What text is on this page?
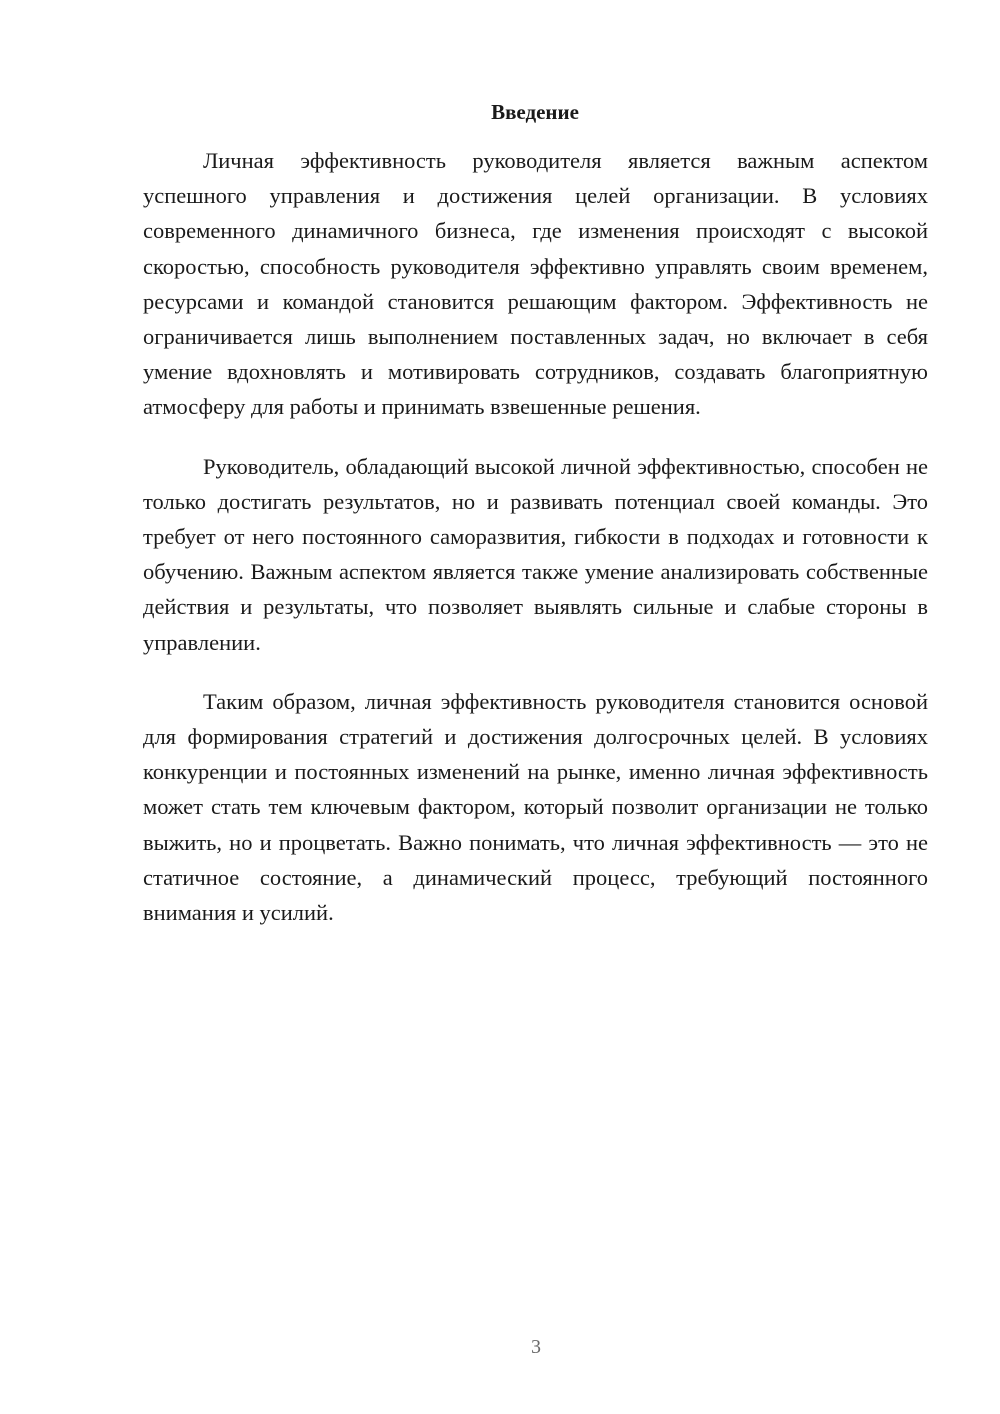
Введение

Личная эффективность руководителя является важным аспектом успешного управления и достижения целей организации. В условиях современного динамичного бизнеса, где изменения происходят с высокой скоростью, способность руководителя эффективно управлять своим временем, ресурсами и командой становится решающим фактором. Эффективность не ограничивается лишь выполнением поставленных задач, но включает в себя умение вдохновлять и мотивировать сотрудников, создавать благоприятную атмосферу для работы и принимать взвешенные решения.

Руководитель, обладающий высокой личной эффективностью, способен не только достигать результатов, но и развивать потенциал своей команды. Это требует от него постоянного саморазвития, гибкости в подходах и готовности к обучению. Важным аспектом является также умение анализировать собственные действия и результаты, что позволяет выявлять сильные и слабые стороны в управлении.

Таким образом, личная эффективность руководителя становится основой для формирования стратегий и достижения долгосрочных целей. В условиях конкуренции и постоянных изменений на рынке, именно личная эффективность может стать тем ключевым фактором, который позволит организации не только выжить, но и процветать. Важно понимать, что личная эффективность — это не статичное состояние, а динамический процесс, требующий постоянного внимания и усилий.

3
